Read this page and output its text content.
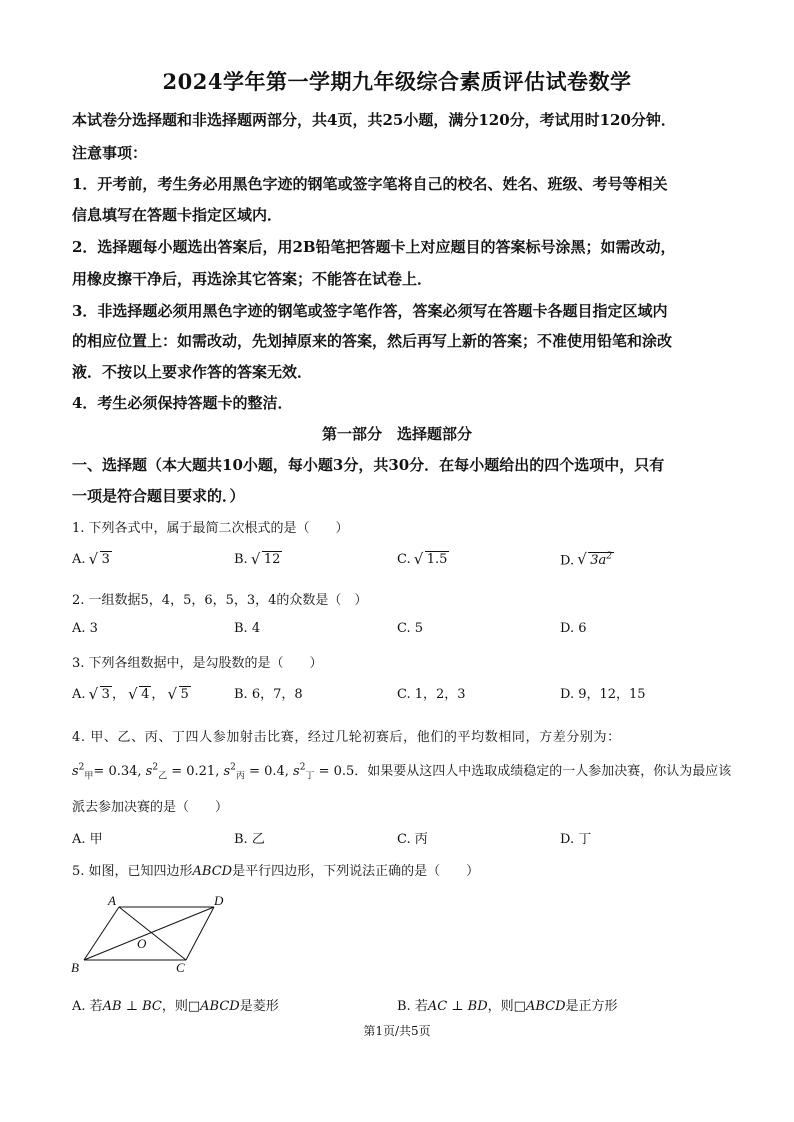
2024学年第一学期九年级综合素质评估试卷数学
本试卷分选择题和非选择题两部分，共4页，共25小题，满分120分，考试用时120分钟．
注意事项：
1．开考前，考生务必用黑色字迹的钢笔或签字笔将自己的校名、姓名、班级、考号等相关
信息填写在答题卡指定区域内．
2．选择题每小题选出答案后，用2B铅笔把答题卡上对应题目的答案标号涂黑；如需改动，
用橡皮擦干净后，再选涂其它答案；不能答在试卷上．
3．非选择题必须用黑色字迹的钢笔或签字笔作答，答案必须写在答题卡各题目指定区域内
的相应位置上：如需改动，先划掉原来的答案，然后再写上新的答案；不准使用铅笔和涂改
液．不按以上要求作答的答案无效．
4．考生必须保持答题卡的整洁．
第一部分　选择题部分
一、选择题（本大题共10小题，每小题3分，共30分．在每小题给出的四个选项中，只有
一项是符合题目要求的．）
1. 下列各式中，属于最简二次根式的是（　　）
A. √ 3	B. √ 12	C. √ 1.5	D. √ $3a^2$
2. 一组数据5，4，5，6，5，3，4的众数是（　）
A. 3	B. 4	C. 5	D. 6
3. 下列各组数据中，是勾股数的是（　　）
A. √ 3 ， √ 4 ， √ 5	B. 6，7，8	C. 1，2，3	D. 9，12，15
4. 甲、乙、丙、丁四人参加射击比赛，经过几轮初赛后，他们的平均数相同，方差分别为：
$s^2_甲= 0.34$, $s^2_乙 = 0.21$, $s^2_丙 = 0.4$, $s^2_丁 = 0.5$．如果要从这四人中选取成绩稳定的一人参加决赛，你认为最应该
派去参加决赛的是（　　）
A. 甲	B. 乙	C. 丙	D. 丁
5. 如图，已知四边形ABCD是平行四边形，下列说法正确的是（　　）
A	D
O
B	C
A. 若AB ⊥ BC，则□ABCD是菱形	B. 若AC ⊥ BD，则□ABCD是正方形
第1页/共5页
